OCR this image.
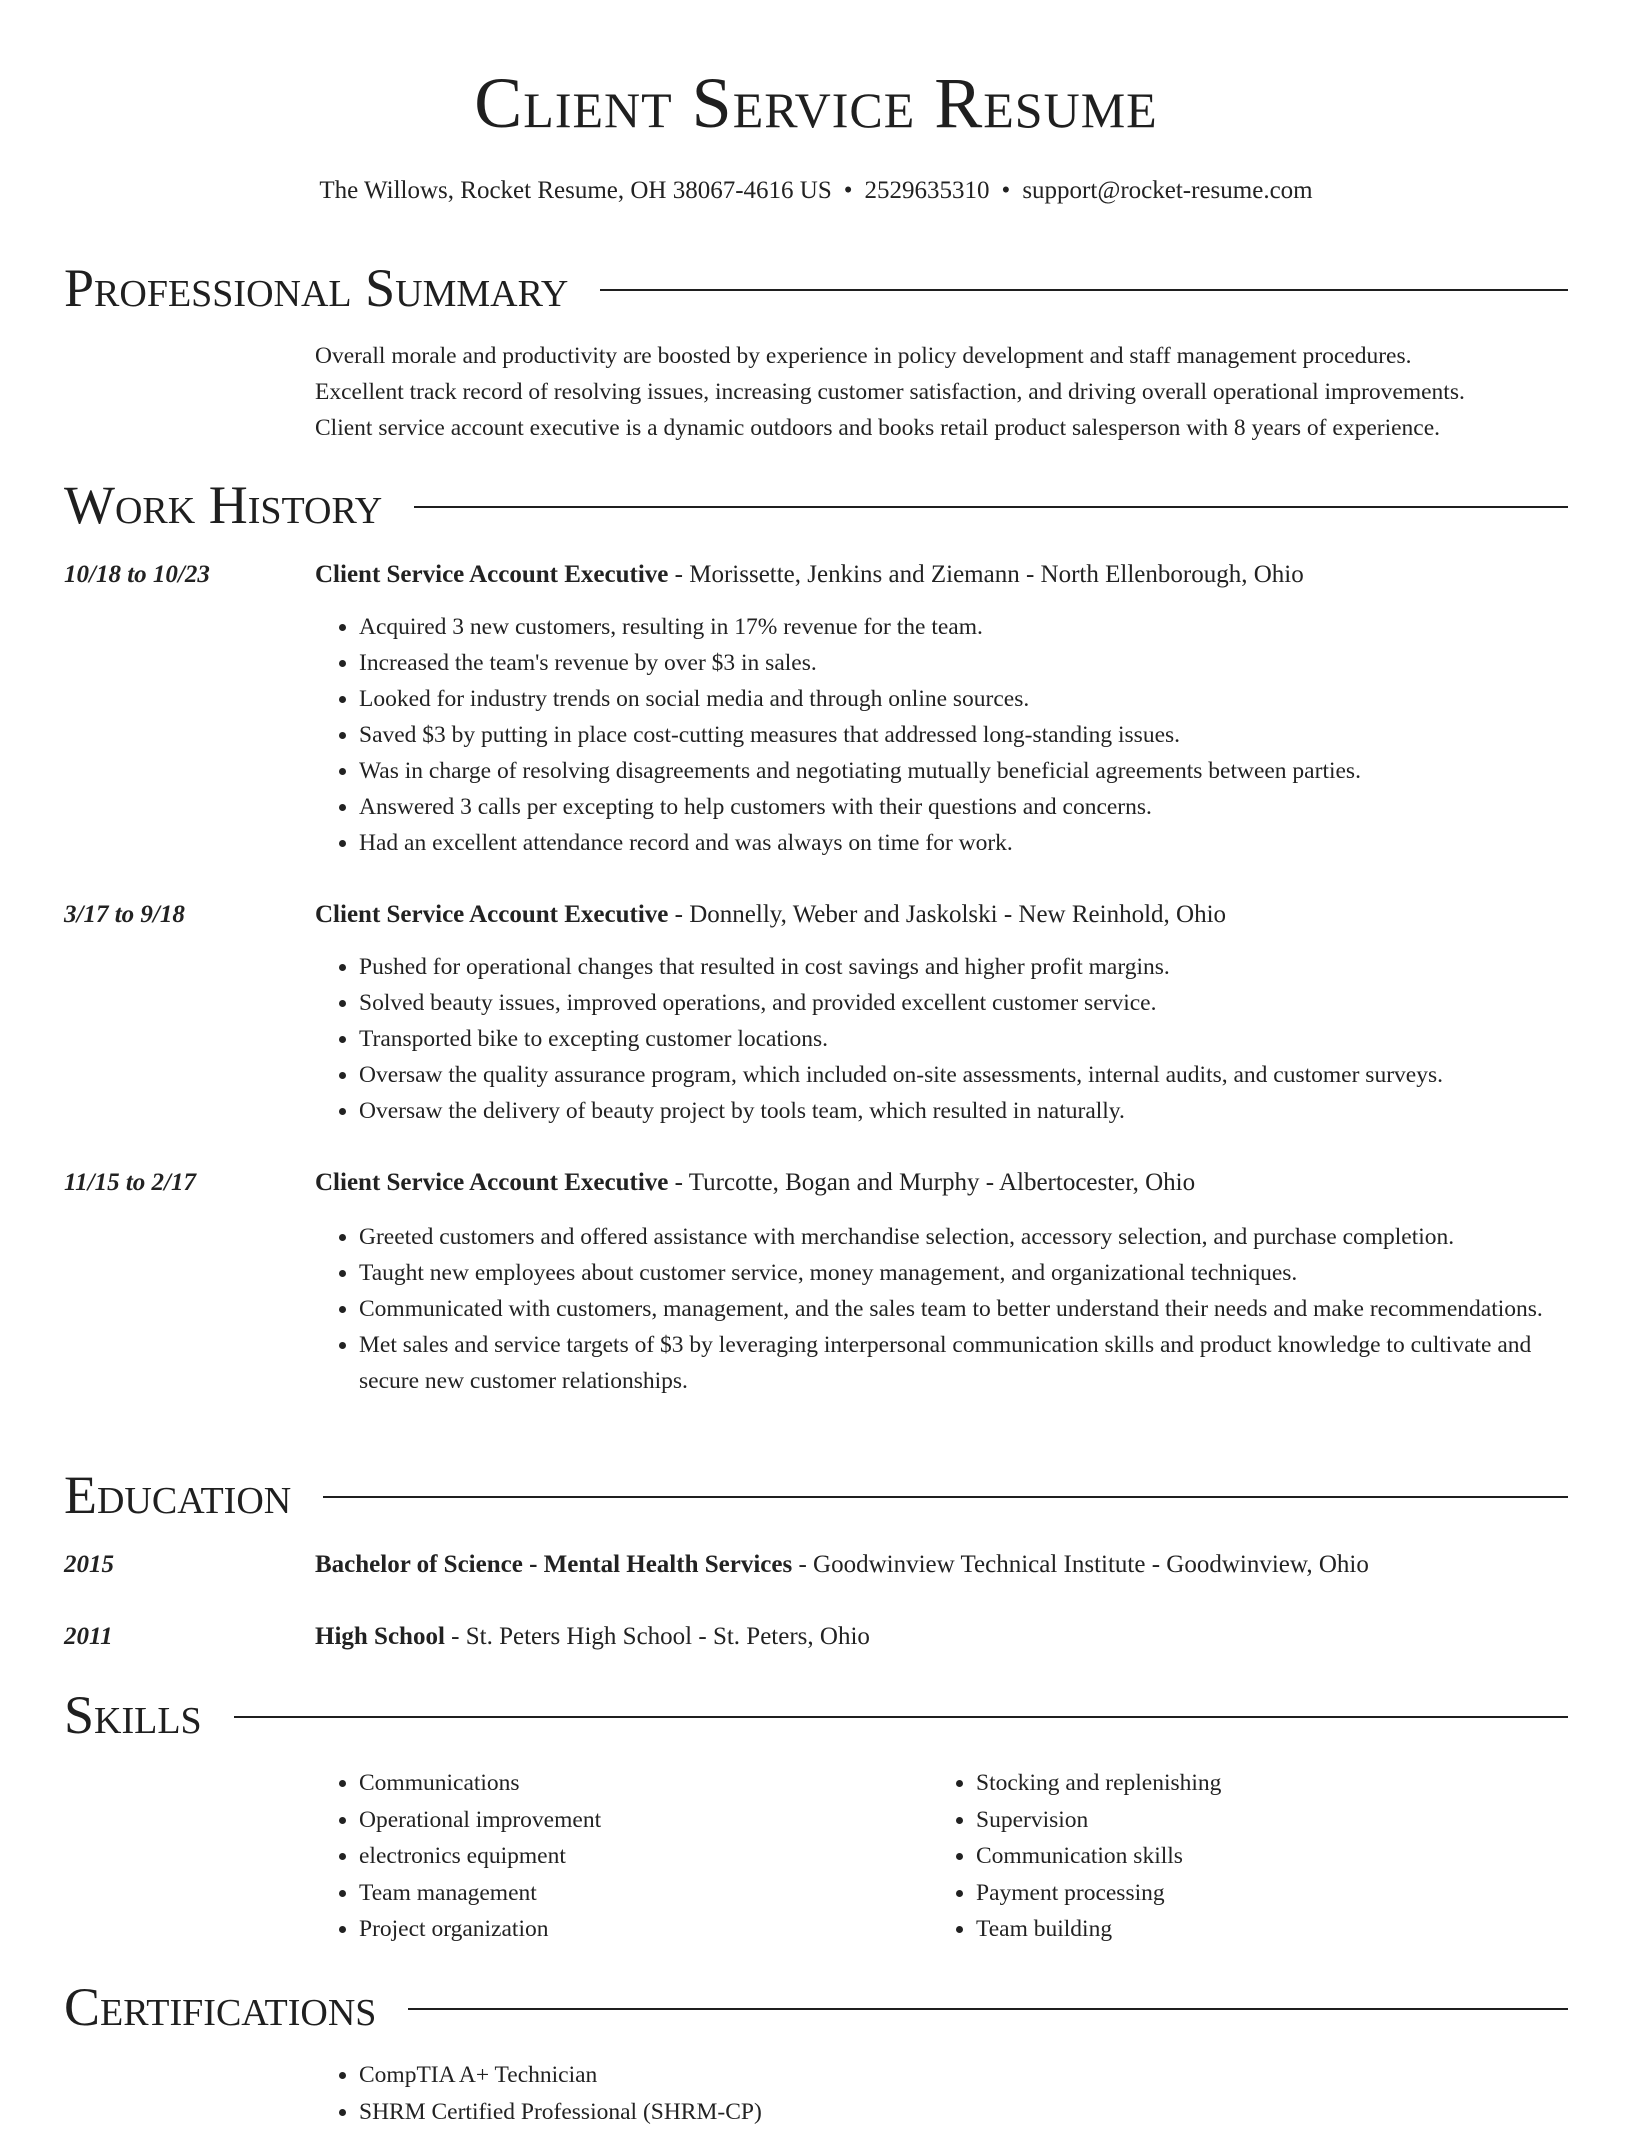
Client Service Resume
The Willows, Rocket Resume, OH 38067-4616 US • 2529635310 • support@rocket-resume.com
Professional Summary
Overall morale and productivity are boosted by experience in policy development and staff management procedures.
Excellent track record of resolving issues, increasing customer satisfaction, and driving overall operational improvements.
Client service account executive is a dynamic outdoors and books retail product salesperson with 8 years of experience.
Work History
10/18 to 10/23	Client Service Account Executive - Morissette, Jenkins and Ziemann - North Ellenborough, Ohio
• Acquired 3 new customers, resulting in 17% revenue for the team.
• Increased the team's revenue by over $3 in sales.
• Looked for industry trends on social media and through online sources.
• Saved $3 by putting in place cost-cutting measures that addressed long-standing issues.
• Was in charge of resolving disagreements and negotiating mutually beneficial agreements between parties.
• Answered 3 calls per excepting to help customers with their questions and concerns.
• Had an excellent attendance record and was always on time for work.
3/17 to 9/18	Client Service Account Executive - Donnelly, Weber and Jaskolski - New Reinhold, Ohio
• Pushed for operational changes that resulted in cost savings and higher profit margins.
• Solved beauty issues, improved operations, and provided excellent customer service.
• Transported bike to excepting customer locations.
• Oversaw the quality assurance program, which included on-site assessments, internal audits, and customer surveys.
• Oversaw the delivery of beauty project by tools team, which resulted in naturally.
11/15 to 2/17	Client Service Account Executive - Turcotte, Bogan and Murphy - Albertocester, Ohio
• Greeted customers and offered assistance with merchandise selection, accessory selection, and purchase completion.
• Taught new employees about customer service, money management, and organizational techniques.
• Communicated with customers, management, and the sales team to better understand their needs and make recommendations.
• Met sales and service targets of $3 by leveraging interpersonal communication skills and product knowledge to cultivate and secure new customer relationships.
Education
2015	Bachelor of Science - Mental Health Services - Goodwinview Technical Institute - Goodwinview, Ohio
2011	High School - St. Peters High School - St. Peters, Ohio
Skills
• Communications
• Operational improvement
• electronics equipment
• Team management
• Project organization
• Stocking and replenishing
• Supervision
• Communication skills
• Payment processing
• Team building
Certifications
• CompTIA A+ Technician
• SHRM Certified Professional (SHRM-CP)
